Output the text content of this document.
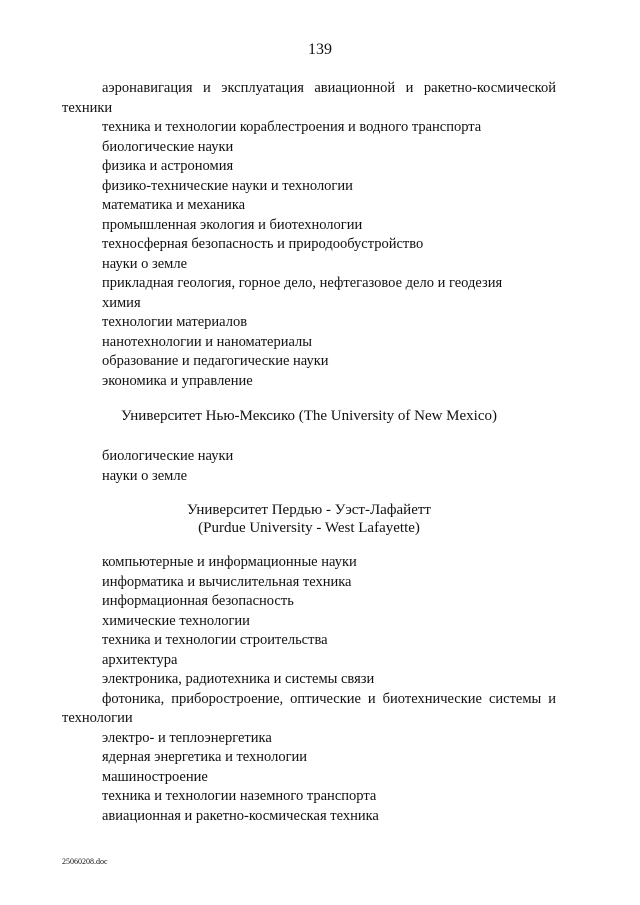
139
аэронавигация и эксплуатация авиационной и ракетно-космической техники
техника и технологии кораблестроения и водного транспорта
биологические науки
физика и астрономия
физико-технические науки и технологии
математика и механика
промышленная экология и биотехнологии
техносферная безопасность и природообустройство
науки о земле
прикладная геология, горное дело, нефтегазовое дело и геодезия
химия
технологии материалов
нанотехнологии и наноматериалы
образование и педагогические науки
экономика и управление
Университет Нью-Мексико (The University of New Mexico)
биологические науки
науки о земле
Университет Пердью - Уэст-Лафайетт
(Purdue University - West Lafayette)
компьютерные и информационные науки
информатика и вычислительная техника
информационная безопасность
химические технологии
техника и технологии строительства
архитектура
электроника, радиотехника и системы связи
фотоника, приборостроение, оптические и биотехнические системы и технологии
электро- и теплоэнергетика
ядерная энергетика и технологии
машиностроение
техника и технологии наземного транспорта
авиационная и ракетно-космическая техника
25060208.doc
